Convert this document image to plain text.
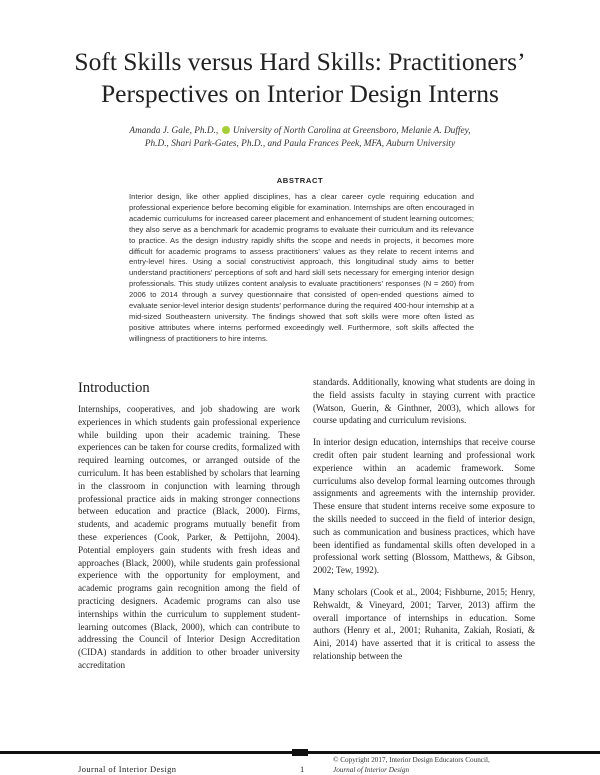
Soft Skills versus Hard Skills: Practitioners’ Perspectives on Interior Design Interns
Amanda J. Gale, Ph.D.,  University of North Carolina at Greensboro, Melanie A. Duffey,
Ph.D., Shari Park-Gates, Ph.D., and Paula Frances Peek, MFA, Auburn University
ABSTRACT

Interior design, like other applied disciplines, has a clear career cycle requiring education and professional experience before becoming eligible for examination. Internships are often encouraged in academic curriculums for increased career placement and enhancement of student learning outcomes; they also serve as a benchmark for academic programs to evaluate their curriculum and its relevance to practice. As the design industry rapidly shifts the scope and needs in projects, it becomes more difficult for academic programs to assess practitioners’ values as they relate to recent interns and entry-level hires. Using a social constructivist approach, this longitudinal study aims to better understand practitioners’ perceptions of soft and hard skill sets necessary for emerging interior design professionals. This study utilizes content analysis to evaluate practitioners’ responses (N = 260) from 2006 to 2014 through a survey questionnaire that consisted of open-ended questions aimed to evaluate senior-level interior design students’ performance during the required 400-hour internship at a mid-sized Southeastern university. The findings showed that soft skills were more often listed as positive attributes where interns performed exceedingly well. Furthermore, soft skills affected the willingness of practitioners to hire interns.

Introduction

Internships, cooperatives, and job shadowing are work experiences in which students gain professional experience while building upon their academic training. These experiences can be taken for course credits, formalized with required learning outcomes, or arranged outside of the curriculum. It has been established by scholars that learning in the classroom in conjunction with learning through professional practice aids in making stronger connections between education and practice (Black, 2000). Firms, students, and academic programs mutually benefit from these experiences (Cook, Parker, & Pettijohn, 2004). Potential employers gain students with fresh ideas and approaches (Black, 2000), while students gain professional experience with the opportunity for employment, and academic programs gain recognition among the field of practicing designers. Academic programs can also use internships within the curriculum to supplement student-learning outcomes (Black, 2000), which can contribute to addressing the Council of Interior Design Accreditation (CIDA) standards in addition to other broader university accreditation

standards. Additionally, knowing what students are doing in the field assists faculty in staying current with practice (Watson, Guerin, & Ginthner, 2003), which allows for course updating and curriculum revisions.

In interior design education, internships that receive course credit often pair student learning and professional work experience within an academic framework. Some curriculums also develop formal learning outcomes through assignments and agreements with the internship provider. These ensure that student interns receive some exposure to the skills needed to succeed in the field of interior design, such as communication and business practices, which have been identified as fundamental skills often developed in a professional work setting (Blossom, Matthews, & Gibson, 2002; Tew, 1992).

Many scholars (Cook et al., 2004; Fishburne, 2015; Henry, Rehwaldt, & Vineyard, 2001; Tarver, 2013) affirm the overall importance of internships in education. Some authors (Henry et al., 2001; Ruhanita, Zakiah, Rosiati, & Aini, 2014) have asserted that it is critical to assess the relationship between the

Journal of Interior Design	1
© Copyright 2017, Interior Design Educators Council,
Journal of Interior Design
